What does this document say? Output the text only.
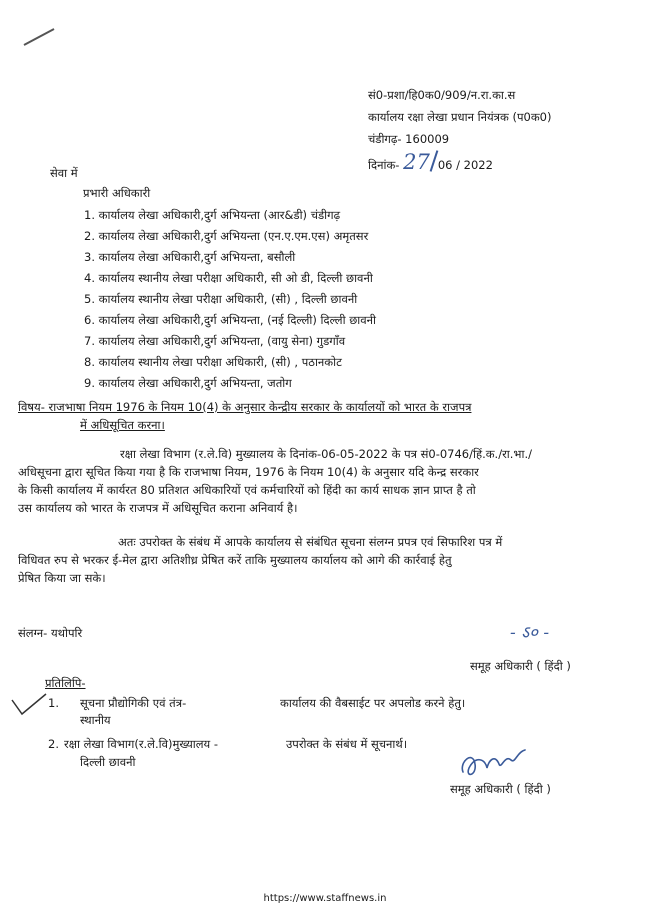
सं0-प्रशा/हि0क0/909/न.रा.का.स
कार्यालय रक्षा लेखा प्रधान नियंत्रक (प0क0)
चंडीगढ़- 160009
दिनांक- 27 06 / 2022
सेवा में
प्रभारी अधिकारी
1. कार्यालय लेखा अधिकारी,दुर्ग अभियन्ता (आर&डी) चंडीगढ़
2. कार्यालय लेखा अधिकारी,दुर्ग अभियन्ता (एन.ए.एम.एस) अमृतसर
3. कार्यालय लेखा अधिकारी,दुर्ग अभियन्ता, बसौली
4. कार्यालय स्थानीय लेखा परीक्षा अधिकारी, सी ओ डी, दिल्ली छावनी
5. कार्यालय स्थानीय लेखा परीक्षा अधिकारी, (सी) , दिल्ली छावनी
6. कार्यालय लेखा अधिकारी,दुर्ग अभियन्ता, (नई दिल्ली) दिल्ली छावनी
7. कार्यालय लेखा अधिकारी,दुर्ग अभियन्ता, (वायु सेना) गुडगाँव
8. कार्यालय स्थानीय लेखा परीक्षा अधिकारी, (सी) , पठानकोट
9. कार्यालय लेखा अधिकारी,दुर्ग अभियन्ता, जतोग
विषय- राजभाषा नियम 1976 के नियम 10(4) के अनुसार केन्द्रीय सरकार के कार्यालयों को भारत के राजपत्र
में अधिसूचित करना।
रक्षा लेखा विभाग (र.ले.वि) मुख्यालय के दिनांक-06-05-2022 के पत्र सं0-0746/हिं.क./रा.भा./
अधिसूचना द्वारा सूचित किया गया है कि राजभाषा नियम, 1976 के नियम 10(4) के अनुसार यदि केन्द्र सरकार
के किसी कार्यालय में कार्यरत 80 प्रतिशत अधिकारियों एवं कर्मचारियों को हिंदी का कार्य साधक ज्ञान प्राप्त है तो
उस कार्यालय को भारत के राजपत्र में अधिसूचित कराना अनिवार्य है।
अतः उपरोक्त के संबंध में आपके कार्यालय से संबंधित सूचना संलग्न प्रपत्र एवं सिफारिश पत्र में
विधिवत रुप से भरकर ई-मेल द्वारा अतिशीध्र प्रेषित करें ताकि मुख्यालय कार्यालय को आगे की कार्रवाई हेतु
प्रेषित किया जा सके।
संलग्न- यथोपरि	- ऽ० -
समूह अधिकारी ( हिंदी )
प्रतिलिपि-
1. सूचना प्रौद्योगिकी एवं तंत्र-
स्थानीय
कार्यालय की वैबसाईट पर अपलोड करने हेतु।
2. रक्षा लेखा विभाग(र.ले.वि)मुख्यालय -
दिल्ली छावनी
उपरोक्त के संबंध में सूचनार्थ।
समूह अधिकारी ( हिंदी )
https://www.staffnews.in
